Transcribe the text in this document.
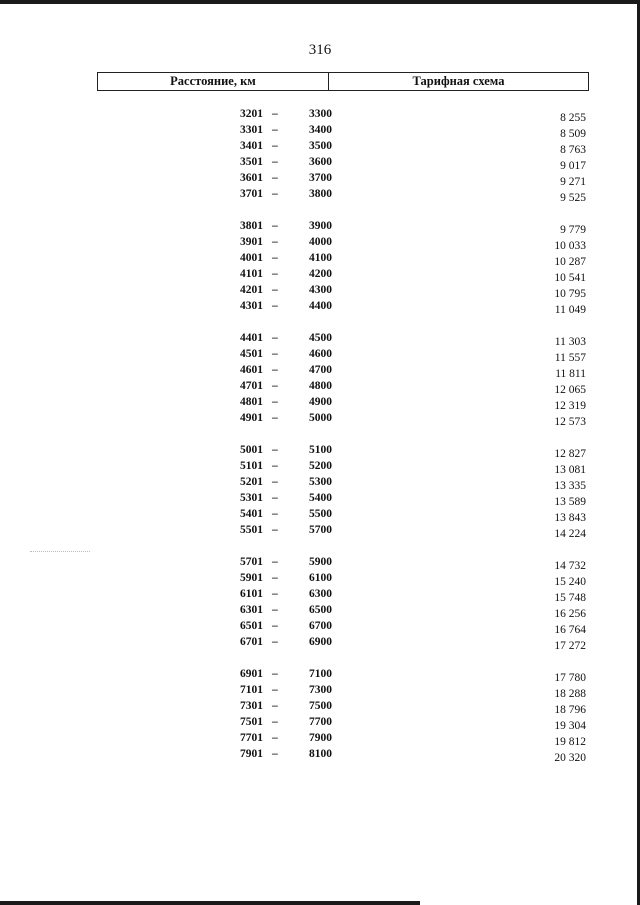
316
Расстояние, км	Тарифная схема
3201 –	3300	8 255
3301 –	3400	8 509
3401 –	3500	8 763
3501 –	3600	9 017
3601 –	3700	9 271
3701 –	3800	9 525
3801 –	3900	9 779
3901 –	4000	10 033
4001 –	4100	10 287
4101 –	4200	10 541
4201 –	4300	10 795
4301 –	4400	11 049
4401 –	4500	11 303
4501 –	4600	11 557
4601 –	4700	11 811
4701 –	4800	12 065
4801 –	4900	12 319
4901 –	5000	12 573
5001 –	5100	12 827
5101 –	5200	13 081
5201 –	5300	13 335
5301 –	5400	13 589
5401 –	5500	13 843
5501 –	5700	14 224
5701 –	5900	14 732
5901 –	6100	15 240
6101 –	6300	15 748
6301 –	6500	16 256
6501 –	6700	16 764
6701 –	6900	17 272
6901 –	7100	17 780
7101 –	7300	18 288
7301 –	7500	18 796
7501 –	7700	19 304
7701 –	7900	19 812
7901 –	8100	20 320
